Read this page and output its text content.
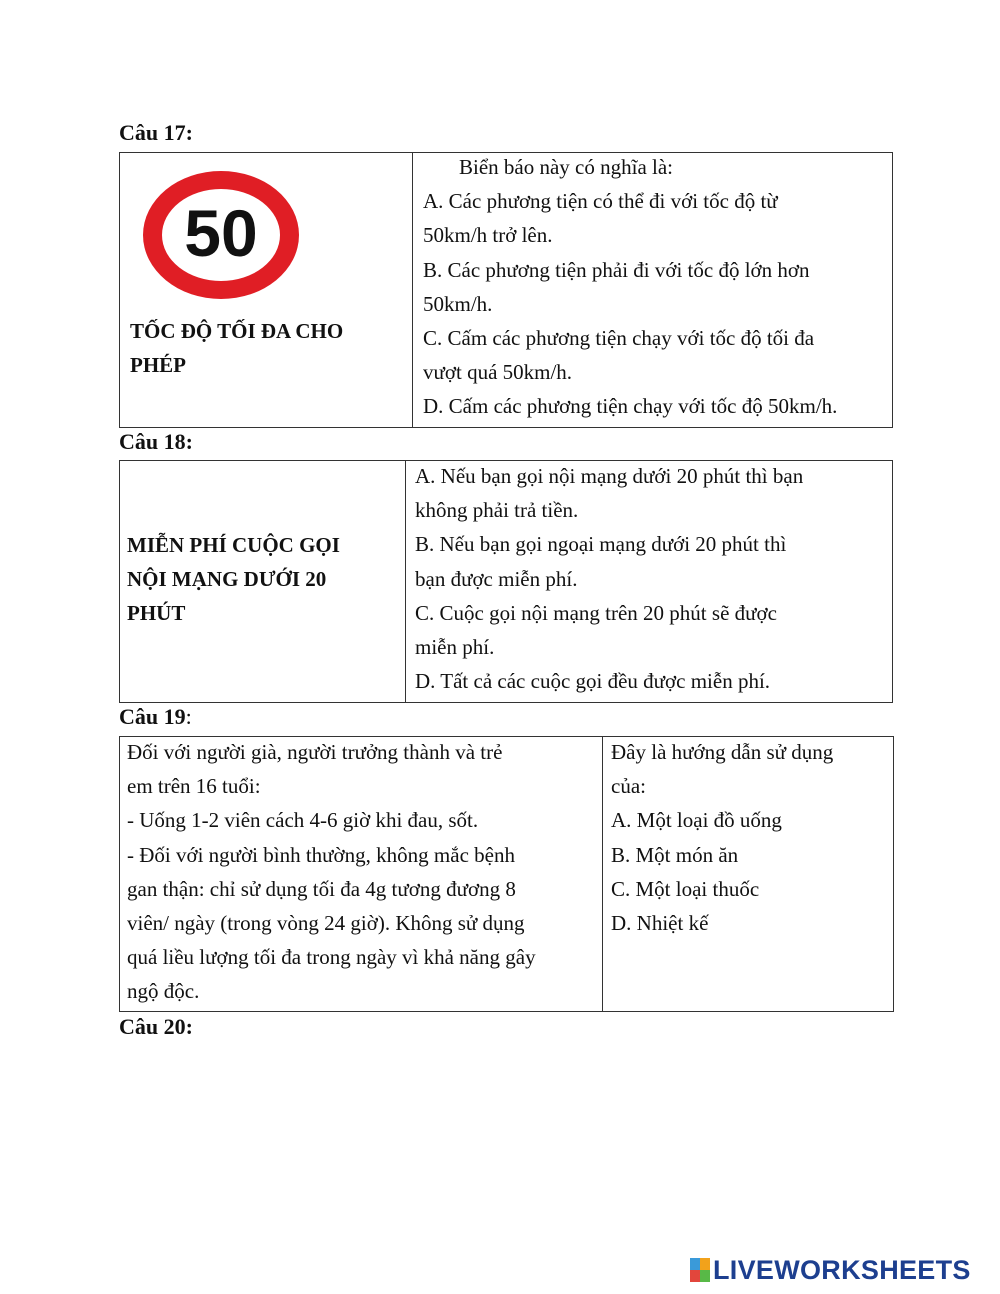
Câu 17:
50
TỐC ĐỘ TỐI ĐA CHO
PHÉP
Biển báo này có nghĩa là:
A. Các phương tiện có thể đi với tốc độ từ
50km/h trở lên.
B. Các phương tiện phải đi với tốc độ lớn hơn
50km/h.
C. Cấm các phương tiện chạy với tốc độ tối đa
vượt quá 50km/h.
D. Cấm các phương tiện chạy với tốc độ 50km/h.
Câu 18:
MIỄN PHÍ CUỘC GỌI
NỘI MẠNG DƯỚI 20
PHÚT
A. Nếu bạn gọi nội mạng dưới 20 phút thì bạn
không phải trả tiền.
B. Nếu bạn gọi ngoại mạng dưới 20 phút thì
bạn được miễn phí.
C. Cuộc gọi nội mạng trên 20 phút sẽ được
miễn phí.
D. Tất cả các cuộc gọi đều được miễn phí.
Câu 19:
Đối với người già, người trưởng thành và trẻ
em trên 16 tuổi:
- Uống 1-2 viên cách 4-6 giờ khi đau, sốt.
- Đối với người bình thường, không mắc bệnh
gan thận: chỉ sử dụng tối đa 4g tương đương 8
viên/ ngày (trong vòng 24 giờ). Không sử dụng
quá liều lượng tối đa trong ngày vì khả năng gây
ngộ độc.
Đây là hướng dẫn sử dụng
của:
A. Một loại đồ uống
B. Một món ăn
C. Một loại thuốc
D. Nhiệt kế
Câu 20:
LIVEWORKSHEETS
